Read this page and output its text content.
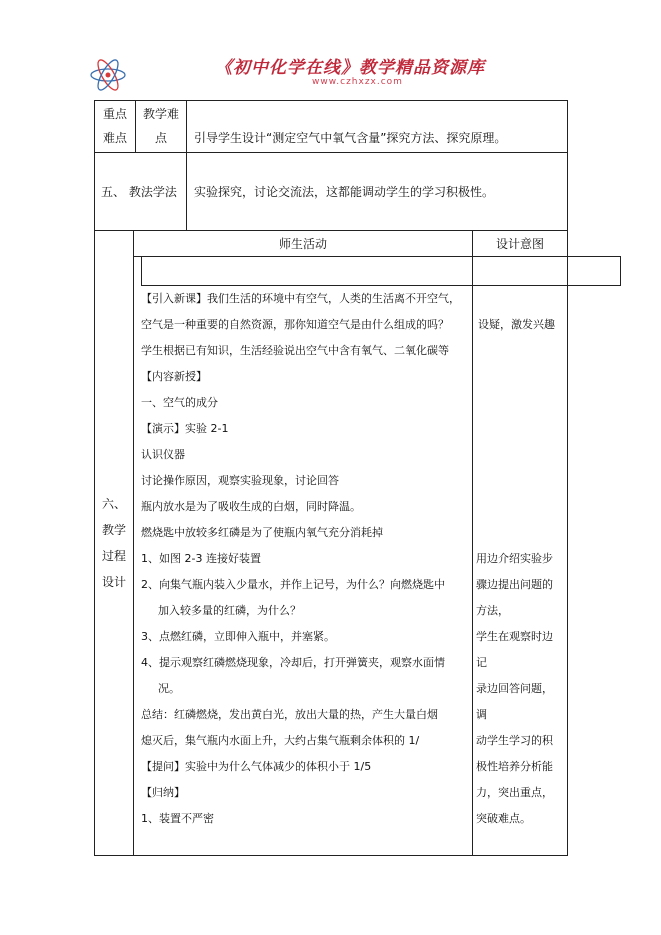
《初中化学在线》教学精品资源库
www.czhxzx.com
重点
难点
教学难
点	引导学生设计“测定空气中氧气含量”探究方法、探究原理。
五、 教法学法 实验探究，讨论交流法，这都能调动学生的学习积极性。
六、
教学
过程
设计
师生活动	设计意图
【引入新课】我们生活的环境中有空气，人类的生活离不开空气，
空气是一种重要的自然资源，那你知道空气是由什么组成的吗？
学生根据已有知识，生活经验说出空气中含有氧气、二氧化碳等
【内容新授】
一、空气的成分
【演示】实验 2-1
认识仪器
讨论操作原因，观察实验现象，讨论回答
瓶内放水是为了吸收生成的白烟，同时降温。
燃烧匙中放较多红磷是为了使瓶内氧气充分消耗掉
1、如图 2-3 连接好装置
2、向集气瓶内装入少量水，并作上记号，为什么？向燃烧匙中
加入较多量的红磷，为什么？
3、点燃红磷，立即伸入瓶中，并塞紧。
4、提示观察红磷燃烧现象，冷却后，打开弹簧夹，观察水面情
况。
总结：红磷燃烧，发出黄白光，放出大量的热，产生大量白烟
熄灭后，集气瓶内水面上升，大约占集气瓶剩余体积的 1/
【提问】实验中为什么气体减少的体积小于 1/5
【归纳】
1、装置不严密
设疑，激发兴趣
用边介绍实验步
骤边提出问题的
方法，
学生在观察时边
记
录边回答问题，
调
动学生学习的积
极性培养分析能
力，突出重点，
突破难点。
